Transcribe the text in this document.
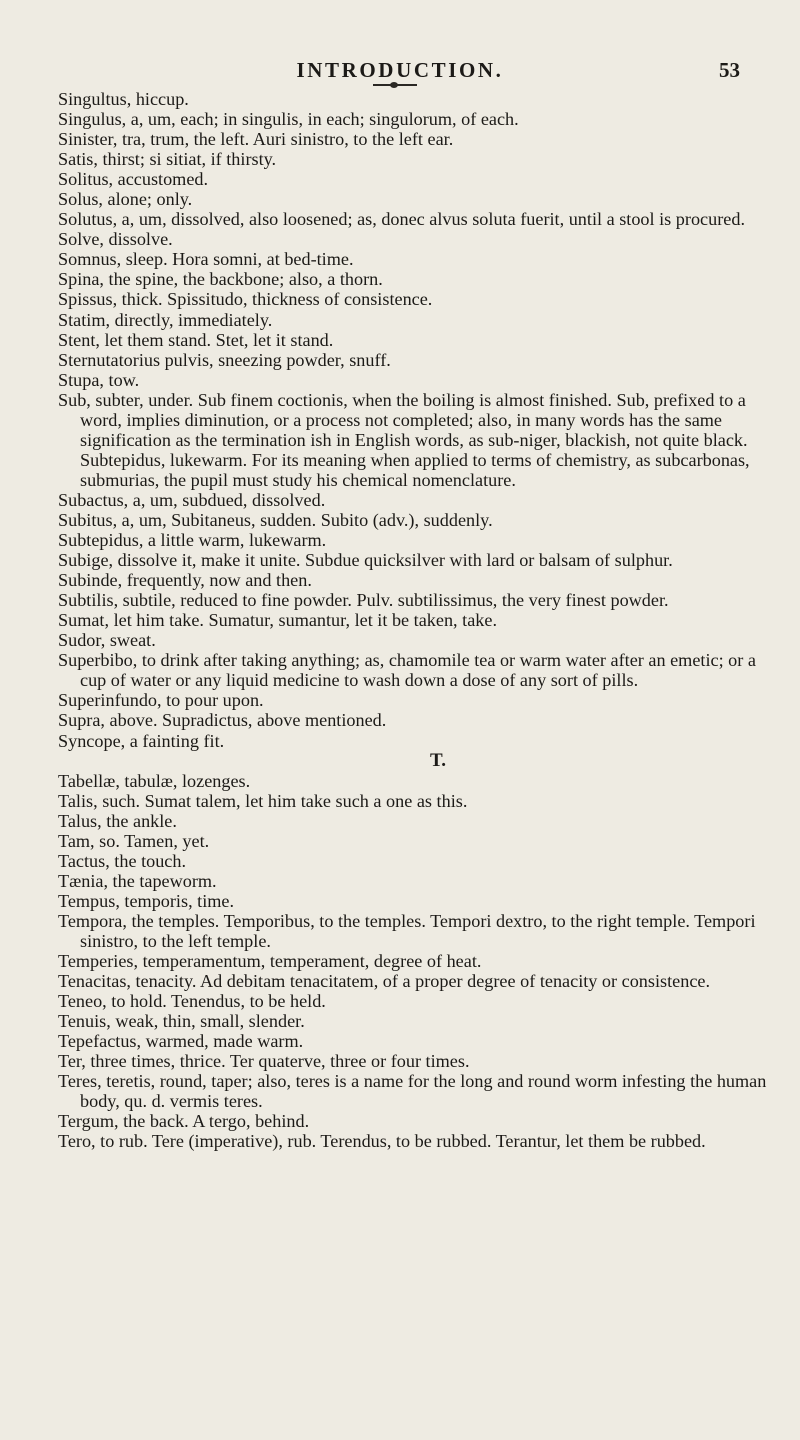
INTRODUCTION.	53

Singultus, hiccup.

Singulus, a, um, each; in singulis, in each; singulorum, of each.

Sinister, tra, trum, the left. Auri sinistro, to the left ear.

Satis, thirst; si sitiat, if thirsty.

Solitus, accustomed.

Solus, alone; only.

Solutus, a, um, dissolved, also loosened; as, donec alvus soluta fuerit, until a stool is procured.

Solve, dissolve.

Somnus, sleep. Hora somni, at bed-time.

Spina, the spine, the backbone; also, a thorn.

Spissus, thick. Spissitudo, thickness of consistence.

Statim, directly, immediately.

Stent, let them stand. Stet, let it stand.

Sternutatorius pulvis, sneezing powder, snuff.

Stupa, tow.

Sub, subter, under. Sub finem coctionis, when the boiling is almost finished. Sub, prefixed to a word, implies diminution, or a process not completed; also, in many words has the same signification as the termination ish in English words, as sub-niger, blackish, not quite black. Subtepidus, lukewarm. For its meaning when applied to terms of chemistry, as subcarbonas, submurias, the pupil must study his chemical nomenclature.

Subactus, a, um, subdued, dissolved.

Subitus, a, um, Subitaneus, sudden. Subito (adv.), suddenly.

Subtepidus, a little warm, lukewarm.

Subige, dissolve it, make it unite. Subdue quicksilver with lard or balsam of sulphur.

Subinde, frequently, now and then.

Subtilis, subtile, reduced to fine powder. Pulv. subtilissimus, the very finest powder.

Sumat, let him take. Sumatur, sumantur, let it be taken, take.

Sudor, sweat.

Superbibo, to drink after taking anything; as, chamomile tea or warm water after an emetic; or a cup of water or any liquid medicine to wash down a dose of any sort of pills.

Superinfundo, to pour upon.

Supra, above. Supradictus, above mentioned.

Syncope, a fainting fit.

T.

Tabellæ, tabulæ, lozenges.

Talis, such. Sumat talem, let him take such a one as this.

Talus, the ankle.

Tam, so. Tamen, yet.

Tactus, the touch.

Tænia, the tapeworm.

Tempus, temporis, time.

Tempora, the temples. Temporibus, to the temples. Tempori dextro, to the right temple. Tempori sinistro, to the left temple.

Temperies, temperamentum, temperament, degree of heat.

Tenacitas, tenacity. Ad debitam tenacitatem, of a proper degree of tenacity or consistence.

Teneo, to hold. Tenendus, to be held.

Tenuis, weak, thin, small, slender.

Tepefactus, warmed, made warm.

Ter, three times, thrice. Ter quaterve, three or four times.

Teres, teretis, round, taper; also, teres is a name for the long and round worm infesting the human body, qu. d. vermis teres.

Tergum, the back. A tergo, behind.

Tero, to rub. Tere (imperative), rub. Terendus, to be rubbed. Terantur, let them be rubbed.
